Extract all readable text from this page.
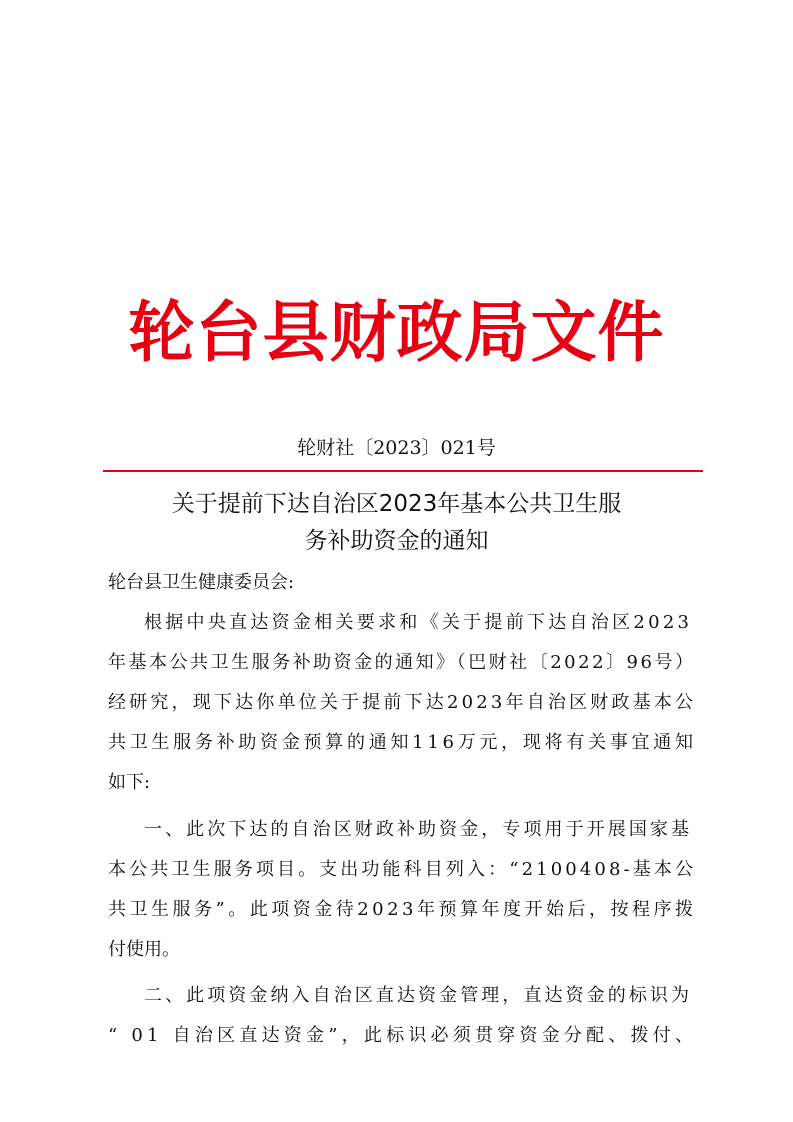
轮台县财政局文件
轮财社〔2023〕021号
关于提前下达自治区2023年基本公共卫生服
务补助资金的通知
轮台县卫生健康委员会:
根据中央直达资金相关要求和《关于提前下达自治区2023
年基本公共卫生服务补助资金的通知》（巴财社〔2022〕96号）
经研究，现下达你单位关于提前下达2023年自治区财政基本公
共卫生服务补助资金预算的通知116万元，现将有关事宜通知
如下:
一、此次下达的自治区财政补助资金，专项用于开展国家基
本公共卫生服务项目。支出功能科目列入：“2100408-基本公
共卫生服务”。此项资金待2023年预算年度开始后，按程序拨
付使用。
二、此项资金纳入自治区直达资金管理，直达资金的标识为
“ 01 自治区直达资金”，此标识必须贯穿资金分配、拨付、
